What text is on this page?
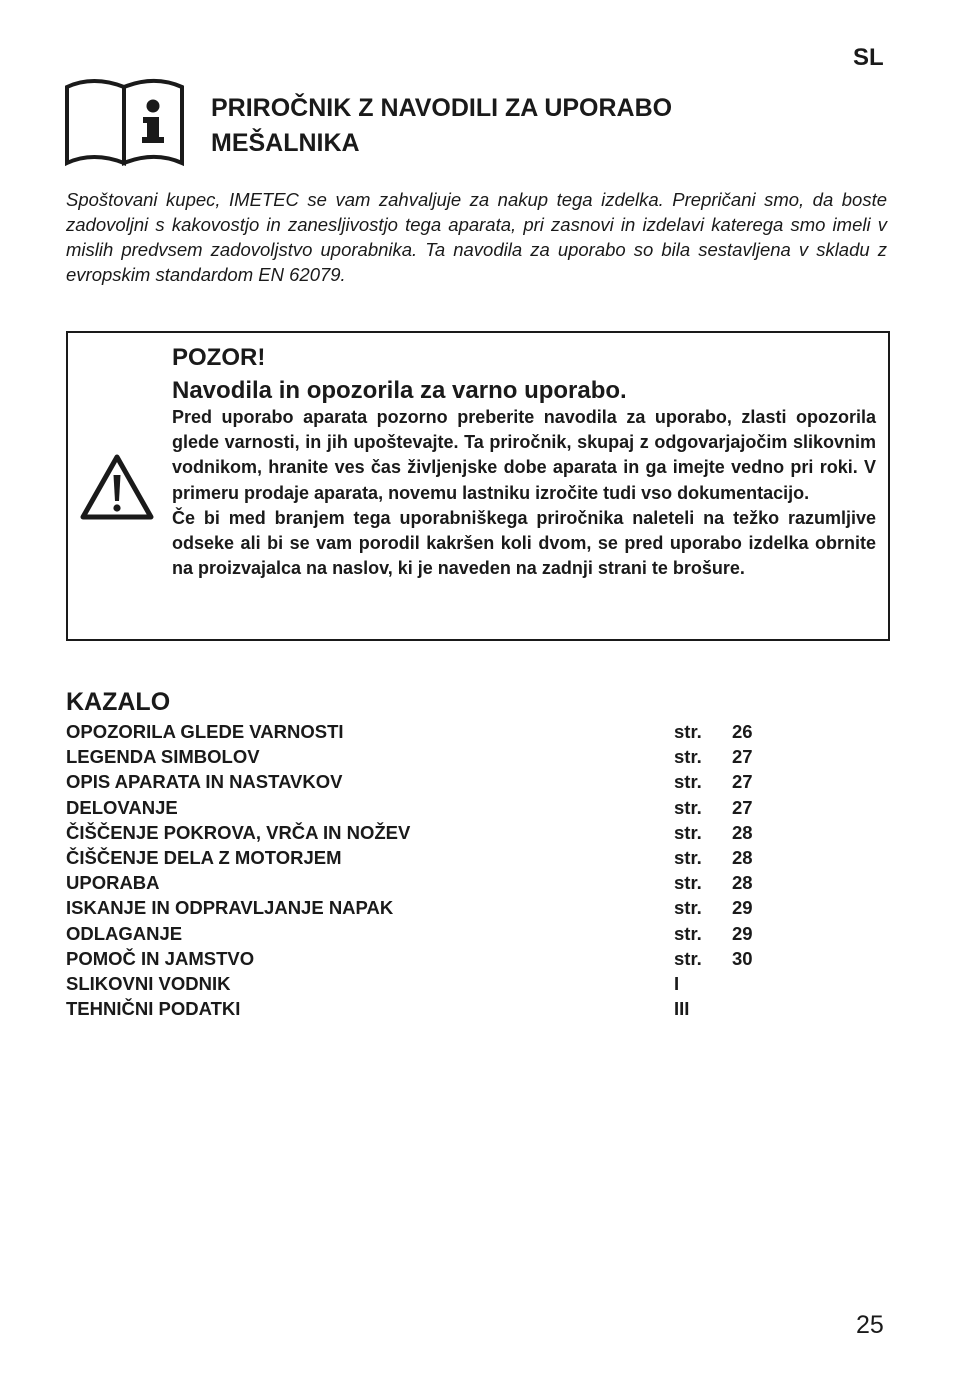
SL
PRIROČNIK Z NAVODILI ZA UPORABO
MEŠALNIKA
Spoštovani kupec, IMETEC se vam zahvaljuje za nakup tega izdelka. Prepričani smo, da boste zadovoljni s kakovostjo in zanesljivostjo tega aparata, pri zasnovi in izdelavi katerega smo imeli v mislih predvsem zadovoljstvo uporabnika. Ta navodila za uporabo so bila sestavljena v skladu z evropskim standardom EN 62079.
POZOR!
Navodila in opozorila za varno uporabo.

Pred uporabo aparata pozorno preberite navodila za uporabo, zlasti opozorila glede varnosti, in jih upoštevajte. Ta priročnik, skupaj z odgovarjajočim slikovnim vodnikom, hranite ves čas življenjske dobe aparata in ga imejte vedno pri roki. V primeru prodaje aparata, novemu lastniku izročite tudi vso dokumentacijo.

Če bi med branjem tega uporabniškega priročnika naleteli na težko razumljive odseke ali bi se vam porodil kakršen koli dvom, se pred uporabo izdelka obrnite na proizvajalca na naslov, ki je naveden na zadnji strani te brošure.

KAZALO
OPOZORILA GLEDE VARNOSTI	str. 26
LEGENDA SIMBOLOV	str. 27
OPIS APARATA IN NASTAVKOV	str. 27
DELOVANJE	str. 27
ČIŠČENJE POKROVA, VRČA IN NOŽEV	str. 28
ČIŠČENJE DELA Z MOTORJEM	str. 28
UPORABA	str. 28
ISKANJE IN ODPRAVLJANJE NAPAK	str. 29
ODLAGANJE	str. 29
POMOČ IN JAMSTVO	str. 30
SLIKOVNI VODNIK	I
TEHNIČNI PODATKI	III
25
